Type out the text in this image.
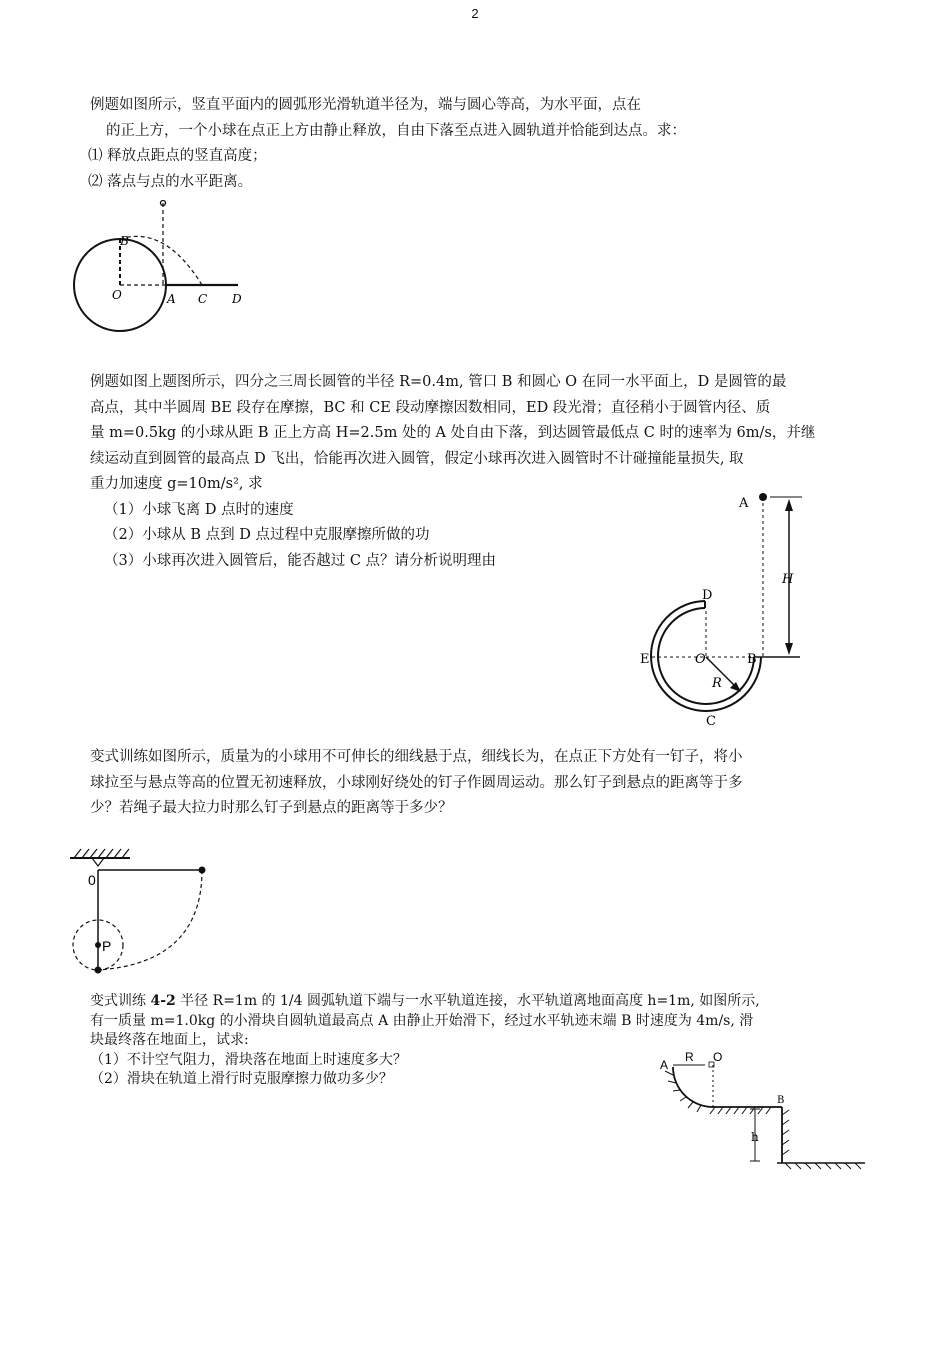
2

例题如图所示，竖直平面内的圆弧形光滑轨道半径为，端与圆心等高，为水平面，点在

的正上方，一个小球在点正上方由静止释放，自由下落至点进入圆轨道并恰能到达点。求：

⑴ 释放点距点的竖直高度；

⑵ 落点与点的水平距离。

B
O	A C D

例题如图上题图所示，四分之三周长圆管的半径 R=0.4m, 管口 B 和圆心 O 在同一水平面上，D 是圆管的最

高点，其中半圆周 BE 段存在摩擦，BC 和 CE 段动摩擦因数相同，ED 段光滑；直径稍小于圆管内径、质

量 m=0.5kg 的小球从距 B 正上方高 H=2.5m 处的 A 处自由下落，到达圆管最低点 C 时的速率为 6m/s，并继

续运动直到圆管的最高点 D 飞出，恰能再次进入圆管，假定小球再次进入圆管时不计碰撞能量损失, 取

重力加速度 g=10m/s², 求

（1）小球飞离 D 点时的速度

（2）小球从 B 点到 D 点过程中克服摩擦所做的功

（3）小球再次进入圆管后，能否越过 C 点？请分析说明理由

A
H
D
E	O	B
R
C

变式训练如图所示，质量为的小球用不可伸长的细线悬于点，细线长为，在点正下方处有一钉子，将小

球拉至与悬点等高的位置无初速释放，小球刚好绕处的钉子作圆周运动。那么钉子到悬点的距离等于多

少？若绳子最大拉力时那么钉子到悬点的距离等于多少？

0
P
变式训练 4-2 半径 R=1m 的 1/4 圆弧轨道下端与一水平轨道连接，水平轨道离地面高度 h=1m, 如图所示,
有一质量 m=1.0kg 的小滑块自圆轨道最高点 A 由静止开始滑下，经过水平轨迹末端 B 时速度为 4m/s, 滑
块最终落在地面上，试求:
（1）不计空气阻力，滑块落在地面上时速度多大？
（2）滑块在轨道上滑行时克服摩擦力做功多少？
A
R O
B
h
